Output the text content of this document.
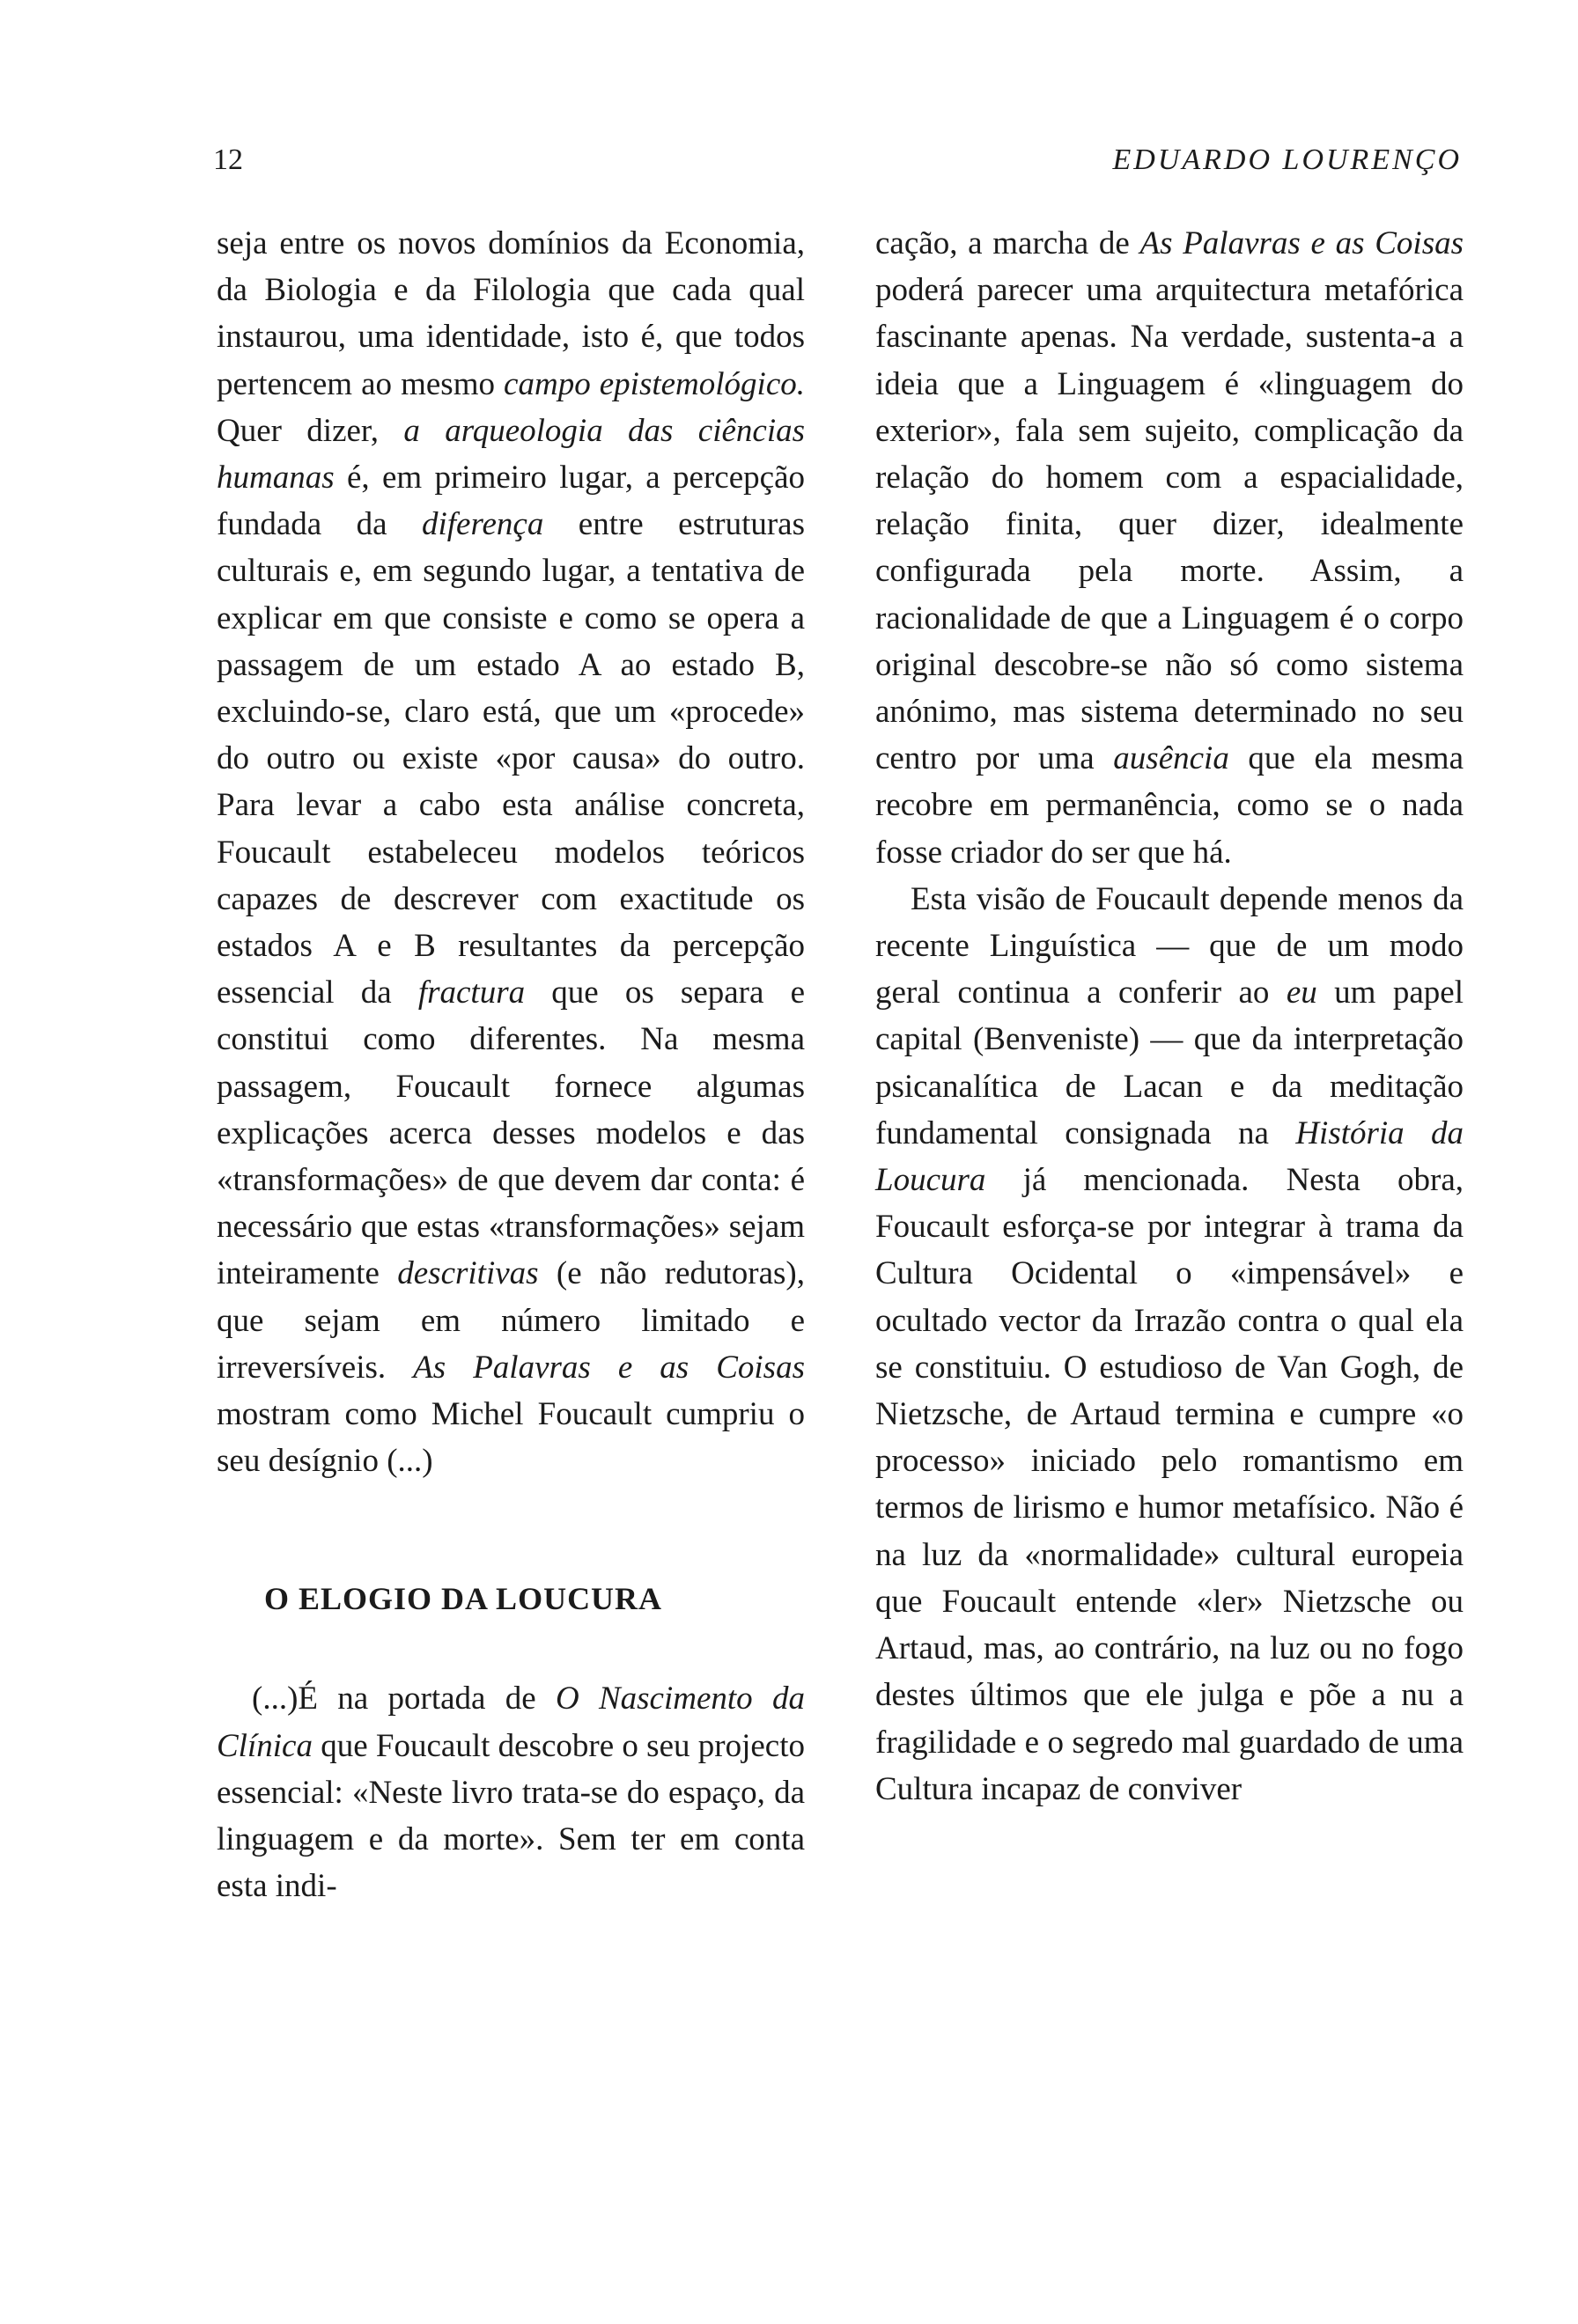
12	EDUARDO LOURENÇO

seja entre os novos domínios da Economia, da Biologia e da Filologia que cada qual instaurou, uma identidade, isto é, que todos pertencem ao mesmo campo epistemológico. Quer dizer, a arqueologia das ciências humanas é, em primeiro lugar, a percepção fundada da diferença entre estruturas culturais e, em segundo lugar, a tentativa de explicar em que consiste e como se opera a passagem de um estado A ao estado B, excluindo-se, claro está, que um «procede» do outro ou existe «por causa» do outro. Para levar a cabo esta análise concreta, Foucault estabeleceu modelos teóricos capazes de descrever com exactitude os estados A e B resultantes da percepção essencial da fractura que os separa e constitui como diferentes. Na mesma passagem, Foucault fornece algumas explicações acerca desses modelos e das «transformações» de que devem dar conta: é necessário que estas «transformações» sejam inteiramente descritivas (e não redutoras), que sejam em número limitado e irreversíveis. As Palavras e as Coisas mostram como Michel Foucault cumpriu o seu desígnio (...)

O ELOGIO DA LOUCURA

(...)É na portada de O Nascimento da Clínica que Foucault descobre o seu projecto essencial: «Neste livro trata-se do espaço, da linguagem e da morte». Sem ter em conta esta indi-

cação, a marcha de As Palavras e as Coisas poderá parecer uma arquitectura metafórica fascinante apenas. Na verdade, sustenta-a a ideia que a Linguagem é «linguagem do exterior», fala sem sujeito, complicação da relação do homem com a espacialidade, relação finita, quer dizer, idealmente configurada pela morte. Assim, a racionalidade de que a Linguagem é o corpo original descobre-se não só como sistema anónimo, mas sistema determinado no seu centro por uma ausência que ela mesma recobre em permanência, como se o nada fosse criador do ser que há.

Esta visão de Foucault depende menos da recente Linguística — que de um modo geral continua a conferir ao eu um papel capital (Benveniste) — que da interpretação psicanalítica de Lacan e da meditação fundamental consignada na História da Loucura já mencionada. Nesta obra, Foucault esforça-se por integrar à trama da Cultura Ocidental o «impensável» e ocultado vector da Irrazão contra o qual ela se constituiu. O estudioso de Van Gogh, de Nietzsche, de Artaud termina e cumpre «o processo» iniciado pelo romantismo em termos de lirismo e humor metafísico. Não é na luz da «normalidade» cultural europeia que Foucault entende «ler» Nietzsche ou Artaud, mas, ao contrário, na luz ou no fogo destes últimos que ele julga e põe a nu a fragilidade e o segredo mal guardado de uma Cultura incapaz de conviver
